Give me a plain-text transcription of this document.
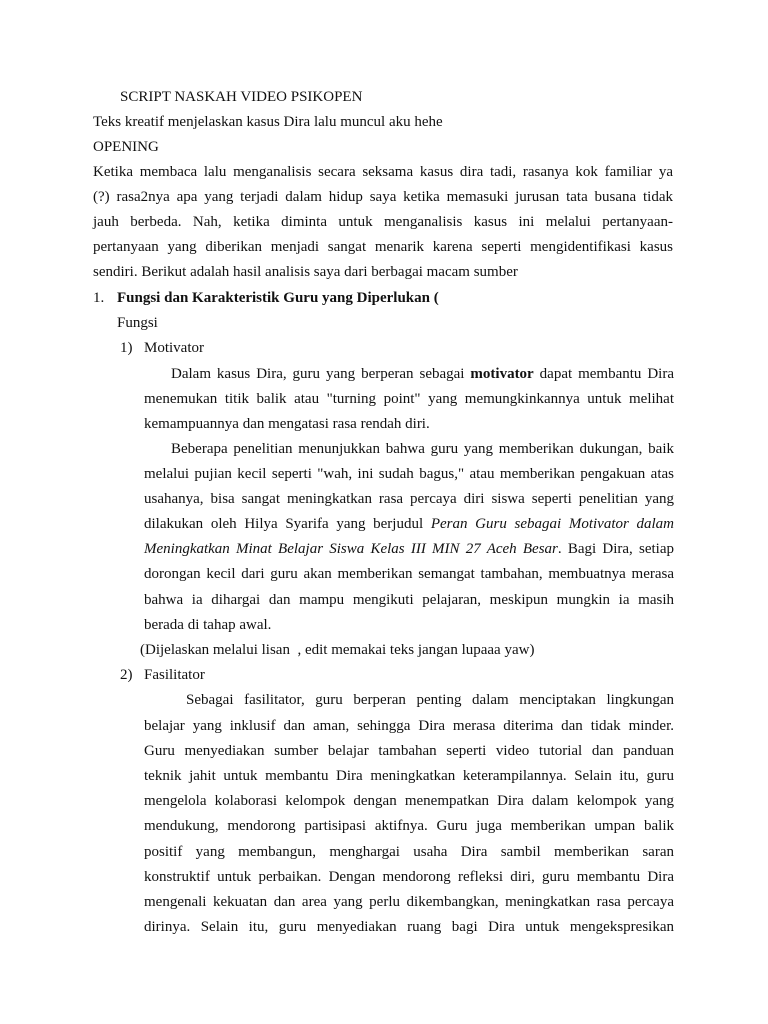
SCRIPT NASKAH VIDEO PSIKOPEN
Teks kreatif menjelaskan kasus Dira lalu muncul aku hehe
OPENING
Ketika membaca lalu menganalisis secara seksama kasus dira tadi, rasanya kok familiar ya
(?) rasa2nya apa yang terjadi dalam hidup saya ketika memasuki jurusan tata busana tidak
jauh berbeda. Nah, ketika diminta untuk menganalisis kasus ini melalui pertanyaan-
pertanyaan yang diberikan menjadi sangat menarik karena seperti mengidentifikasi kasus
sendiri. Berikut adalah hasil analisis saya dari berbagai macam sumber
1. Fungsi dan Karakteristik Guru yang Diperlukan (
Fungsi
1) Motivator
Dalam kasus Dira, guru yang berperan sebagai motivator dapat membantu Dira
menemukan titik balik atau "turning point" yang memungkinkannya untuk melihat
kemampuannya dan mengatasi rasa rendah diri.
Beberapa penelitian menunjukkan bahwa guru yang memberikan dukungan, baik
melalui pujian kecil seperti "wah, ini sudah bagus," atau memberikan pengakuan atas
usahanya, bisa sangat meningkatkan rasa percaya diri siswa seperti penelitian yang
dilakukan oleh Hilya Syarifa yang berjudul Peran Guru sebagai Motivator dalam
Meningkatkan Minat Belajar Siswa Kelas III MIN 27 Aceh Besar. Bagi Dira, setiap
dorongan kecil dari guru akan memberikan semangat tambahan, membuatnya merasa
bahwa ia dihargai dan mampu mengikuti pelajaran, meskipun mungkin ia masih
berada di tahap awal.
(Dijelaskan melalui lisan  , edit memakai teks jangan lupaaa yaw)
2) Fasilitator
Sebagai fasilitator, guru berperan penting dalam menciptakan lingkungan
belajar yang inklusif dan aman, sehingga Dira merasa diterima dan tidak minder.
Guru menyediakan sumber belajar tambahan seperti video tutorial dan panduan
teknik jahit untuk membantu Dira meningkatkan keterampilannya. Selain itu, guru
mengelola kolaborasi kelompok dengan menempatkan Dira dalam kelompok yang
mendukung, mendorong partisipasi aktifnya. Guru juga memberikan umpan balik
positif yang membangun, menghargai usaha Dira sambil memberikan saran
konstruktif untuk perbaikan. Dengan mendorong refleksi diri, guru membantu Dira
mengenali kekuatan dan area yang perlu dikembangkan, meningkatkan rasa percaya
dirinya. Selain itu, guru menyediakan ruang bagi Dira untuk mengekspresikan
